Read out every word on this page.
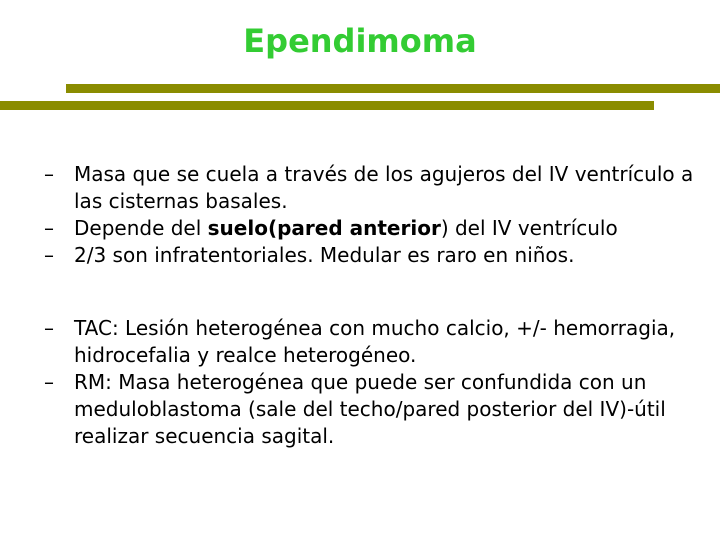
Ependimoma
– Masa que se cuela a través de los agujeros del IV ventrículo a las cisternas basales.
– Depende del suelo(pared anterior) del IV ventrículo
– 2/3 son infratentoriales. Medular es raro en niños.
– TAC: Lesión heterogénea con mucho calcio, +/- hemorragia, hidrocefalia y realce heterogéneo.
– RM: Masa heterogénea que puede ser confundida con un meduloblastoma (sale del techo/pared posterior del IV)-útil realizar secuencia sagital.
